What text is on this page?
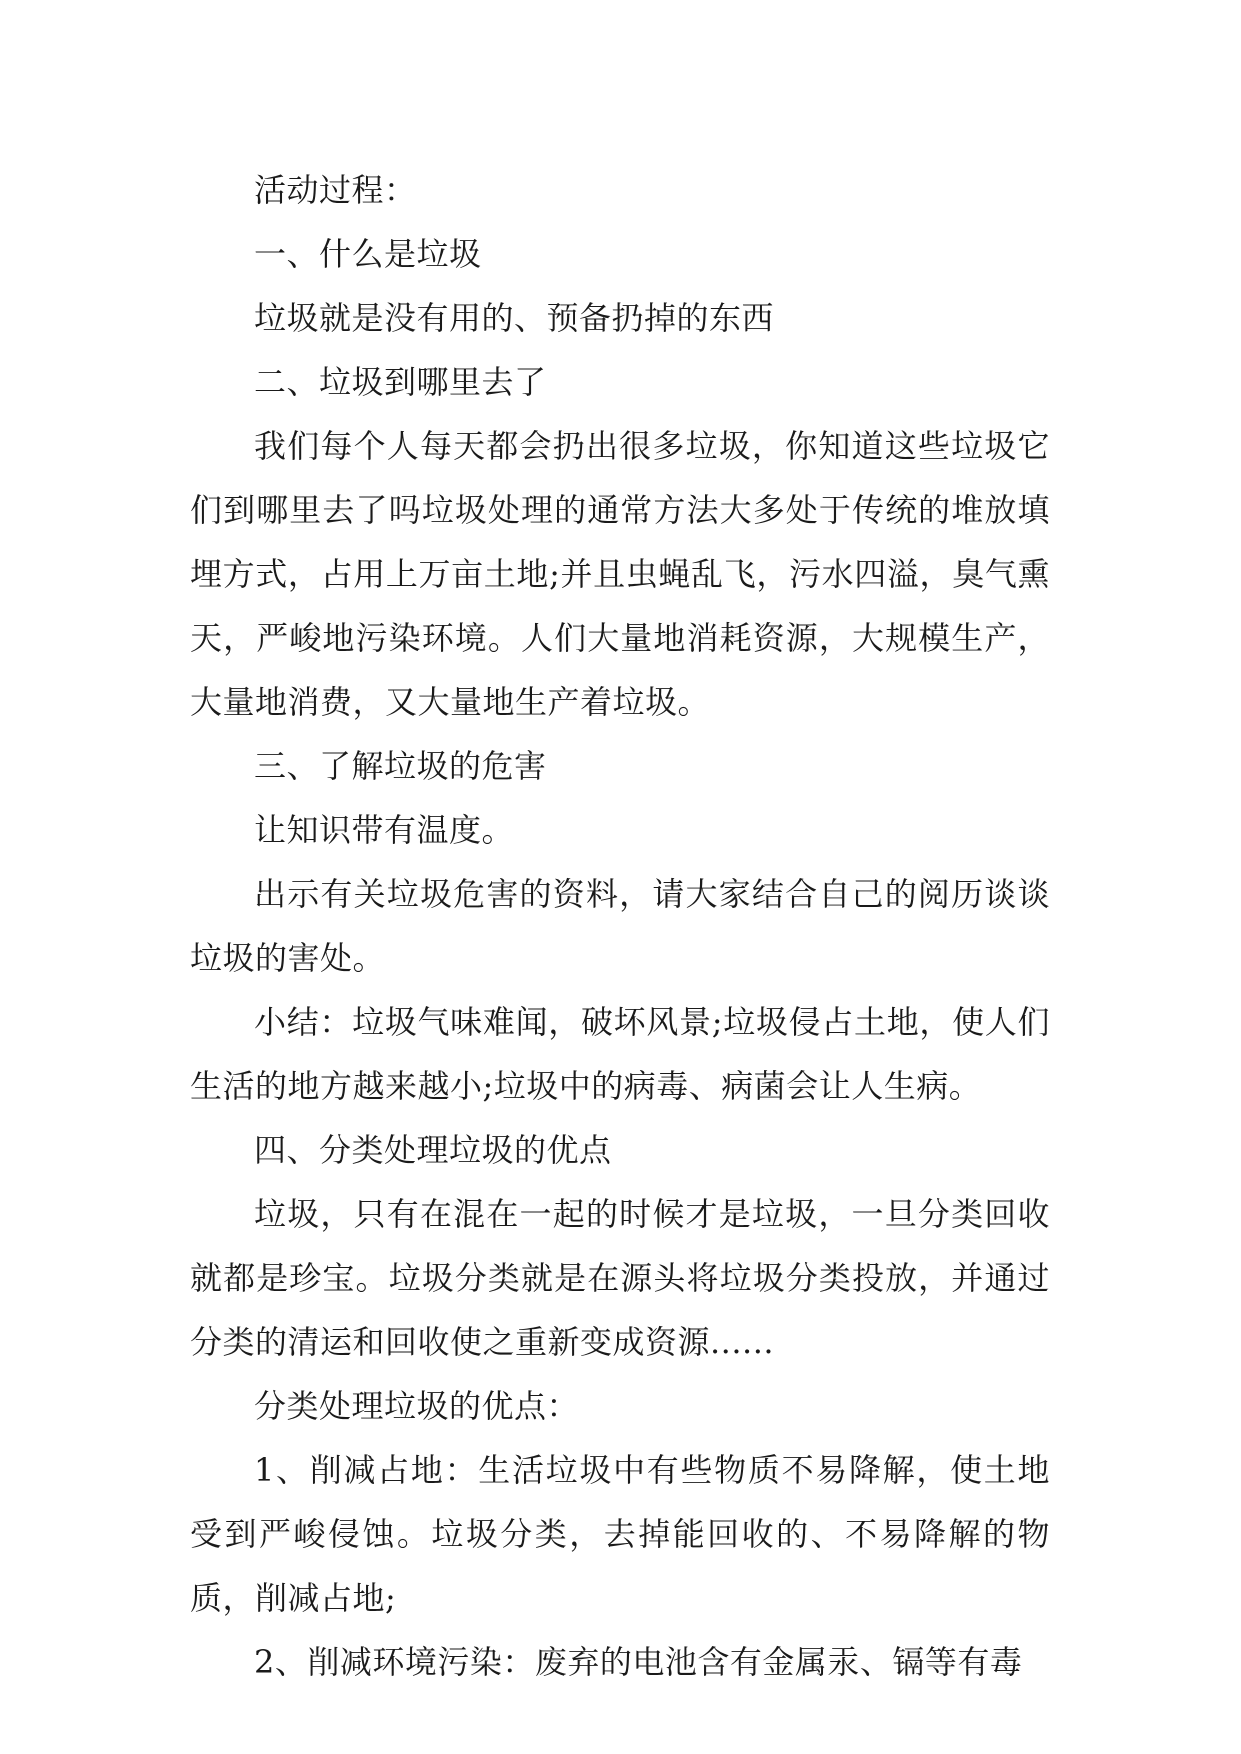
活动过程：

一、什么是垃圾

垃圾就是没有用的、预备扔掉的东西

二、垃圾到哪里去了

我们每个人每天都会扔出很多垃圾，你知道这些垃圾它们到哪里去了吗垃圾处理的通常方法大多处于传统的堆放填埋方式，占用上万亩土地;并且虫蝇乱飞，污水四溢，臭气熏天，严峻地污染环境。人们大量地消耗资源，大规模生产，大量地消费，又大量地生产着垃圾。

三、了解垃圾的危害

让知识带有温度。

出示有关垃圾危害的资料，请大家结合自己的阅历谈谈垃圾的害处。

小结：垃圾气味难闻，破坏风景;垃圾侵占土地，使人们生活的地方越来越小;垃圾中的病毒、病菌会让人生病。

四、分类处理垃圾的优点

垃圾，只有在混在一起的时候才是垃圾，一旦分类回收就都是珍宝。垃圾分类就是在源头将垃圾分类投放，并通过分类的清运和回收使之重新变成资源......

分类处理垃圾的优点：

1、削减占地：生活垃圾中有些物质不易降解，使土地受到严峻侵蚀。垃圾分类，去掉能回收的、不易降解的物质，削减占地;

2、削减环境污染：废弃的电池含有金属汞、镉等有毒
